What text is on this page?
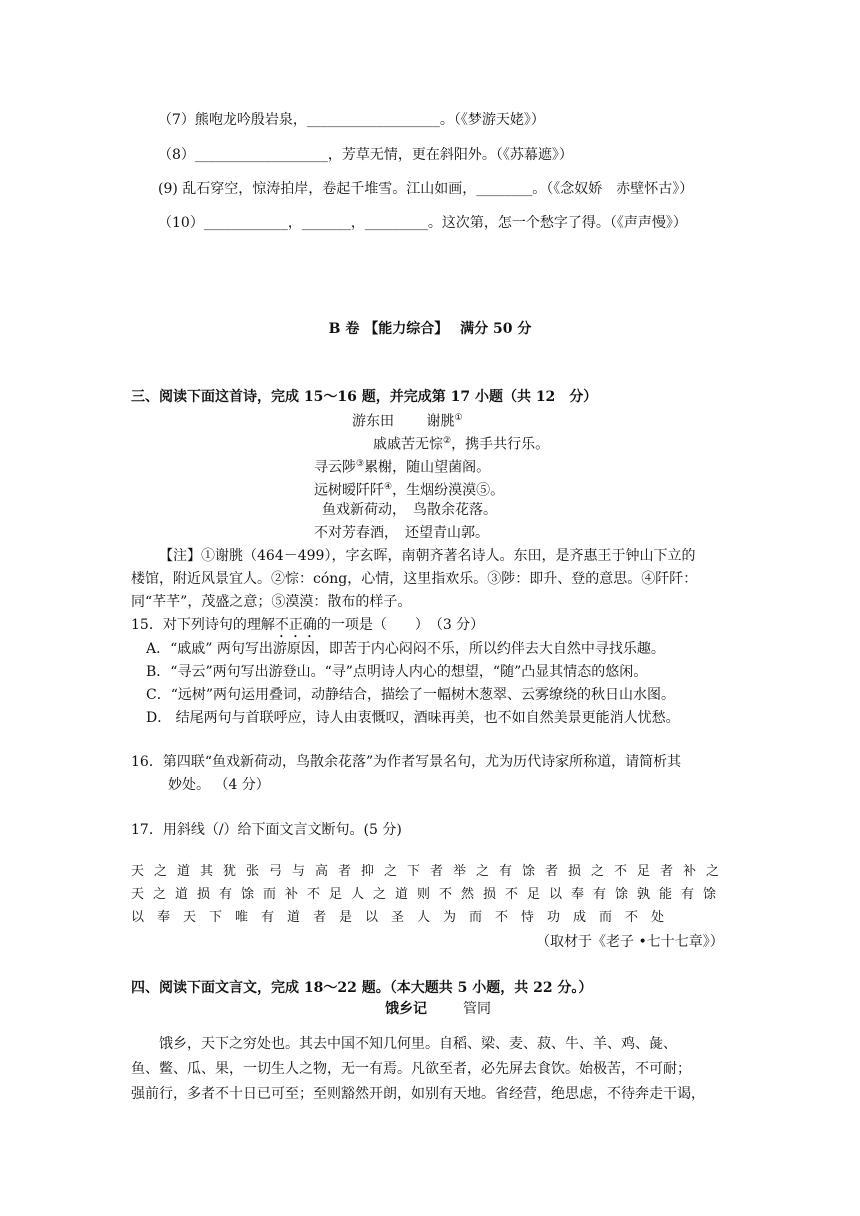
（7）熊咆龙吟殷岩泉，___________________。（《梦游天姥》）
（8）___________________，芳草无情，更在斜阳外。（《苏幕遮》）
(9) 乱石穿空，惊涛拍岸，卷起千堆雪。江山如画，________。（《念奴娇　赤壁怀古》）
（10）____________，_______，_________。这次第，怎一个愁字了得。（《声声慢》）
B 卷 【能力综合】　 满分 50 分
三、阅读下面这首诗，完成 15～16 题，并完成第 17 小题（共 12　分）
游东田　　 谢朓①
戚戚苦无悰②，携手共行乐。
寻云陟③累榭，随山望菌阁。
远树暧阡阡④，生烟纷漠漠⑤。
鱼戏新荷动，　鸟散余花落。
不对芳春酒，　还望青山郭。
【注】①谢朓（464－499），字玄晖，南朝齐著名诗人。东田，是齐惠王于钟山下立的
楼馆，附近风景宜人。②悰：cóng，心情，这里指欢乐。③陟：即升、登的意思。④阡阡：
同“芊芊”，茂盛之意；⑤漠漠：散布的样子。
15．对下列诗句的理解不正确的一项是（　　）　（3 分）
A．“戚戚” 两句写出游原因，即苦于内心闷闷不乐，所以约伴去大自然中寻找乐趣。
B．“寻云”两句写出游登山。“寻”点明诗人内心的想望，“随”凸显其情态的悠闲。
C．“远树”两句运用叠词，动静结合，描绘了一幅树木葱翠、云雾缭绕的秋日山水图。
D． 结尾两句与首联呼应，诗人由衷慨叹，酒味再美，也不如自然美景更能消人忧愁。
16．第四联“鱼戏新荷动，鸟散余花落”为作者写景名句，尤为历代诗家所称道，请简析其
妙处。 （4 分）
17．用斜线（/）给下面文言文断句。(5 分)
天之道其犹张弓与高者抑之下者举之有馀者损之不足者补之
天之道损有馀而补不足人之道则不然损不足以奉有馀孰能有馀
以奉天下唯有道者是以圣人为而不恃功成而不处
（取材于《老子 •七十七章》）
四、阅读下面文言文，完成 18～22 题。（本大题共 5 小题，共 22 分。）
饿乡记	管同
饿乡，天下之穷处也。其去中国不知几何里。自稻、梁、麦、菽、牛、羊、鸡、彘、
鱼、鳖、瓜、果，一切生人之物，无一有焉。凡欲至者，必先屏去食饮。始极苦，不可耐；
强前行，多者不十日已可至；至则豁然开朗，如别有天地。省经营，绝思虑，不待奔走干谒，
